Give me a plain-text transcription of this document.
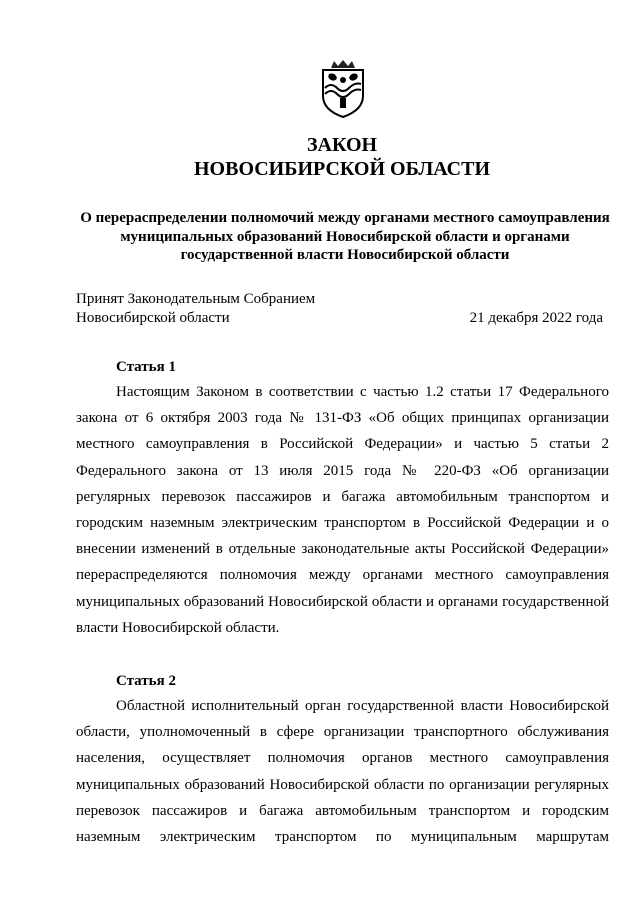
ЗАКОН
НОВОСИБИРСКОЙ ОБЛАСТИ
О перераспределении полномочий между органами местного самоуправления муниципальных образований Новосибирской области и органами государственной власти Новосибирской области
Принят Законодательным Собранием
Новосибирской области	21 декабря 2022 года
Статья 1
Настоящим Законом в соответствии с частью 1.2 статьи 17 Федерального закона от 6 октября 2003 года № 131-ФЗ «Об общих принципах организации местного самоуправления в Российской Федерации» и частью 5 статьи 2 Федерального закона от 13 июля 2015 года № 220-ФЗ «Об организации регулярных перевозок пассажиров и багажа автомобильным транспортом и городским наземным электрическим транспортом в Российской Федерации и о внесении изменений в отдельные законодательные акты Российской Федерации» перераспределяются полномочия между органами местного самоуправления муниципальных образований Новосибирской области и органами государственной власти Новосибирской области.
Статья 2
Областной исполнительный орган государственной власти Новосибирской области, уполномоченный в сфере организации транспортного обслуживания населения, осуществляет полномочия органов местного самоуправления муниципальных образований Новосибирской области по организации регулярных перевозок пассажиров и багажа автомобильным транспортом и городским наземным электрическим транспортом по муниципальным маршрутам
